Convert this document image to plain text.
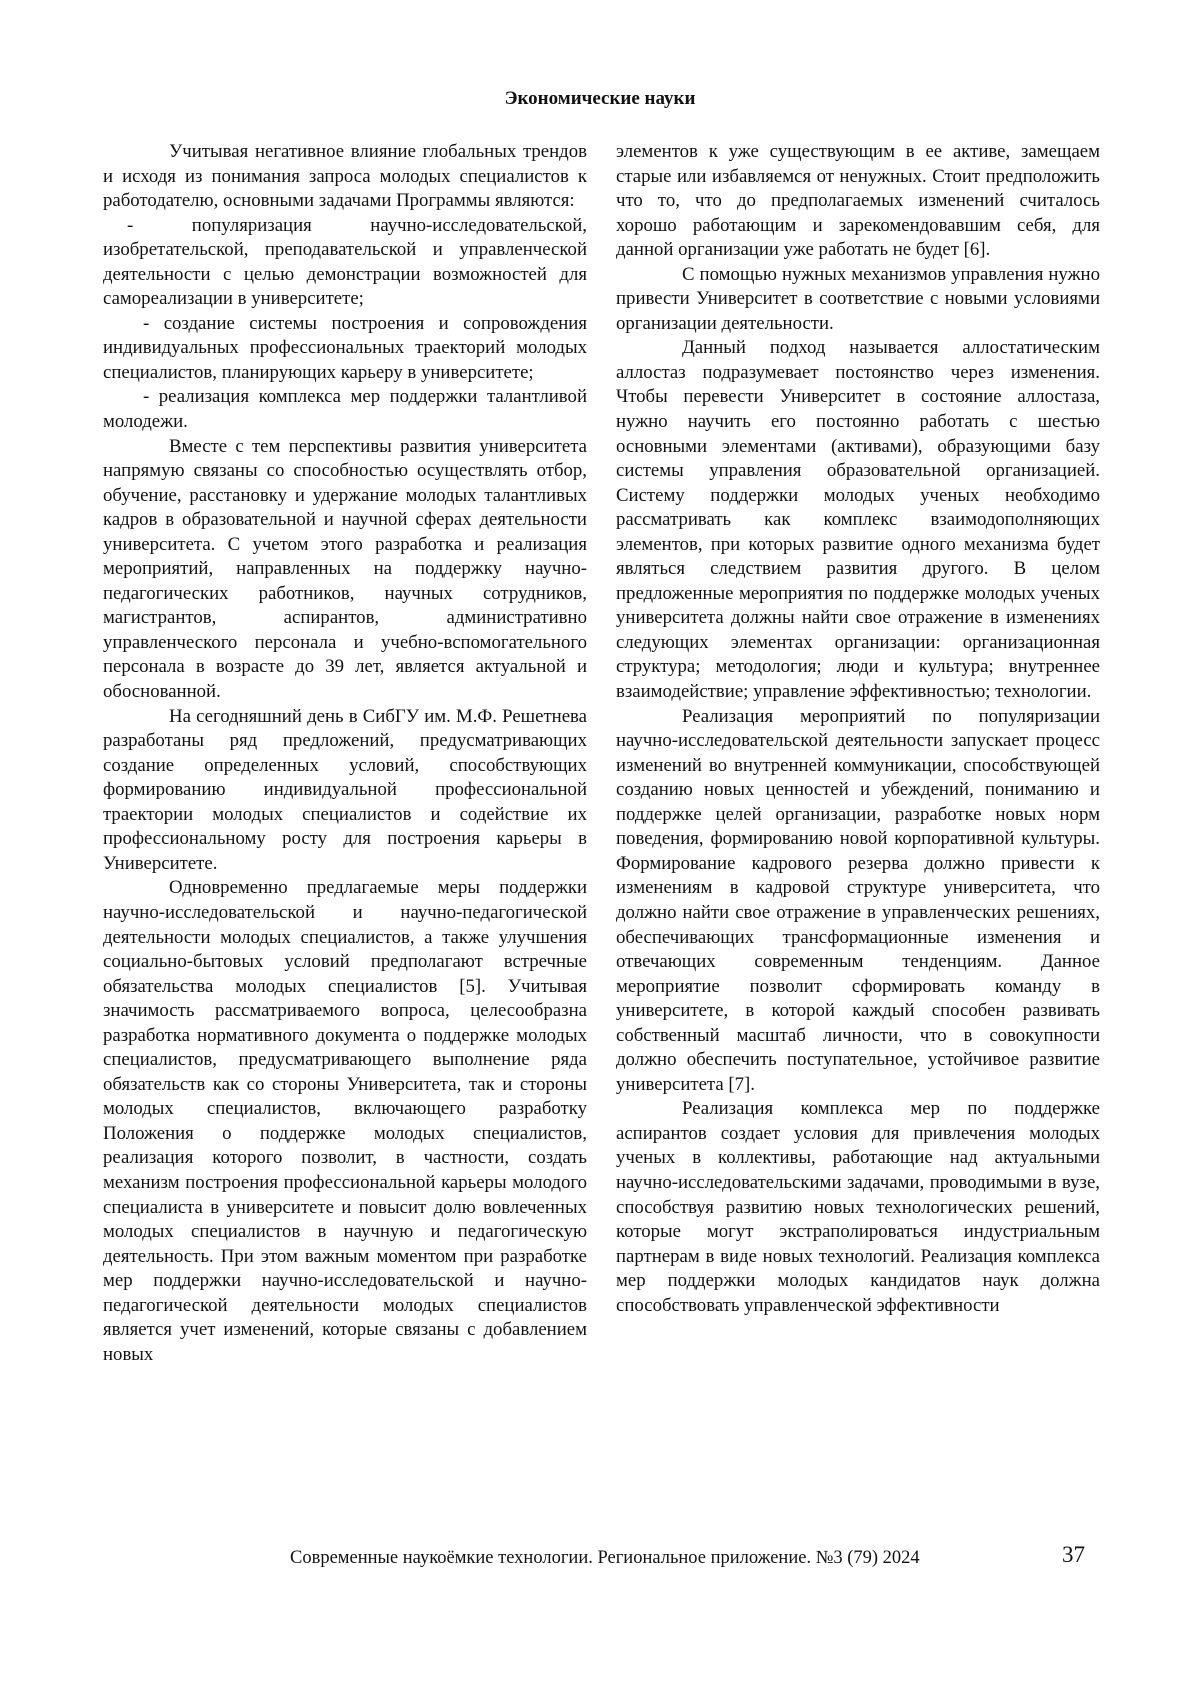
Экономические науки

Учитывая негативное влияние глобальных трендов и исходя из понимания запроса молодых специалистов к работодателю, основными задачами Программы являются:

- популяризация научно-исследовательской, изобретательской, преподавательской и управленческой деятельности с целью демонстрации возможностей для самореализации в университете;

- создание системы построения и сопровождения индивидуальных профессиональных траекторий молодых специалистов, планирующих карьеру в университете;

- реализация комплекса мер поддержки талантливой молодежи.

Вместе с тем перспективы развития университета напрямую связаны со способностью осуществлять отбор, обучение, расстановку и удержание молодых талантливых кадров в образовательной и научной сферах деятельности университета. С учетом этого разработка и реализация мероприятий, направленных на поддержку научно-педагогических работников, научных сотрудников, магистрантов, аспирантов, административно управленческого персонала и учебно-вспомогательного персонала в возрасте до 39 лет, является актуальной и обоснованной.

На сегодняшний день в СибГУ им. М.Ф. Решетнева разработаны ряд предложений, предусматривающих создание определенных условий, способствующих формированию индивидуальной профессиональной траектории молодых специалистов и содействие их профессиональному росту для построения карьеры в Университете.

Одновременно предлагаемые меры поддержки научно-исследовательской и научно-педагогической деятельности молодых специалистов, а также улучшения социально-бытовых условий предполагают встречные обязательства молодых специалистов [5]. Учитывая значимость рассматриваемого вопроса, целесообразна разработка нормативного документа о поддержке молодых специалистов, предусматривающего выполнение ряда обязательств как со стороны Университета, так и стороны молодых специалистов, включающего разработку Положения о поддержке молодых специалистов, реализация которого позволит, в частности, создать механизм построения профессиональной карьеры молодого специалиста в университете и повысит долю вовлеченных молодых специалистов в научную и педагогическую деятельность. При этом важным моментом при разработке мер поддержки научно-исследовательской и научно-педагогической деятельности молодых специалистов является учет изменений, которые связаны с добавлением новых

элементов к уже существующим в ее активе, замещаем старые или избавляемся от ненужных. Стоит предположить что то, что до предполагаемых изменений считалось хорошо работающим и зарекомендовавшим себя, для данной организации уже работать не будет [6].

С помощью нужных механизмов управления нужно привести Университет в соответствие с новыми условиями организации деятельности.

Данный подход называется аллостатическим аллостаз подразумевает постоянство через изменения. Чтобы перевести Университет в состояние аллостаза, нужно научить его постоянно работать с шестью основными элементами (активами), образующими базу системы управления образовательной организацией. Систему поддержки молодых ученых необходимо рассматривать как комплекс взаимодополняющих элементов, при которых развитие одного механизма будет являться следствием развития другого. В целом предложенные мероприятия по поддержке молодых ученых университета должны найти свое отражение в изменениях следующих элементах организации: организационная структура; методология; люди и культура; внутреннее взаимодействие; управление эффективностью; технологии.

Реализация мероприятий по популяризации научно-исследовательской деятельности запускает процесс изменений во внутренней коммуникации, способствующей созданию новых ценностей и убеждений, пониманию и поддержке целей организации, разработке новых норм поведения, формированию новой корпоративной культуры. Формирование кадрового резерва должно привести к изменениям в кадровой структуре университета, что должно найти свое отражение в управленческих решениях, обеспечивающих трансформационные изменения и отвечающих современным тенденциям. Данное мероприятие позволит сформировать команду в университете, в которой каждый способен развивать собственный масштаб личности, что в совокупности должно обеспечить поступательное, устойчивое развитие университета [7].

Реализация комплекса мер по поддержке аспирантов создает условия для привлечения молодых ученых в коллективы, работающие над актуальными научно-исследовательскими задачами, проводимыми в вузе, способствуя развитию новых технологических решений, которые могут экстраполироваться индустриальным партнерам в виде новых технологий. Реализация комплекса мер поддержки молодых кандидатов наук должна способствовать управленческой эффективности

Современные наукоёмкие технологии. Региональное приложение. №3 (79) 2024	37
